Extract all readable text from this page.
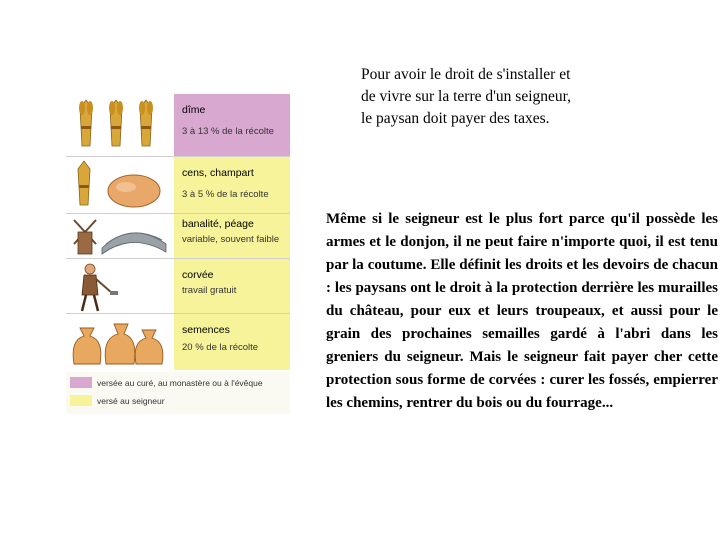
Pour avoir le droit de s'installer et
de vivre sur la terre d'un seigneur,
le paysan doit payer des taxes.
dîme
3 à 13 % de la récolte
cens, champart
3 à 5 % de la récolte
banalité, péage
variable, souvent faible
corvée
travail gratuit
semences
20 % de la récolte
versée au curé, au monastère ou à l'évêque
versé au seigneur
Même si le seigneur est le plus fort parce qu'il possède les armes et le donjon, il ne peut faire n'importe quoi, il est tenu par la coutume. Elle définit les droits et les devoirs de chacun : les paysans ont le droit à la protection derrière les murailles du château, pour eux et leurs troupeaux, et aussi pour le grain des prochaines semailles gardé à l'abri dans les greniers du seigneur. Mais le seigneur fait payer cher cette protection sous forme de corvées : curer les fossés, empierrer les chemins, rentrer du bois ou du fourrage...
